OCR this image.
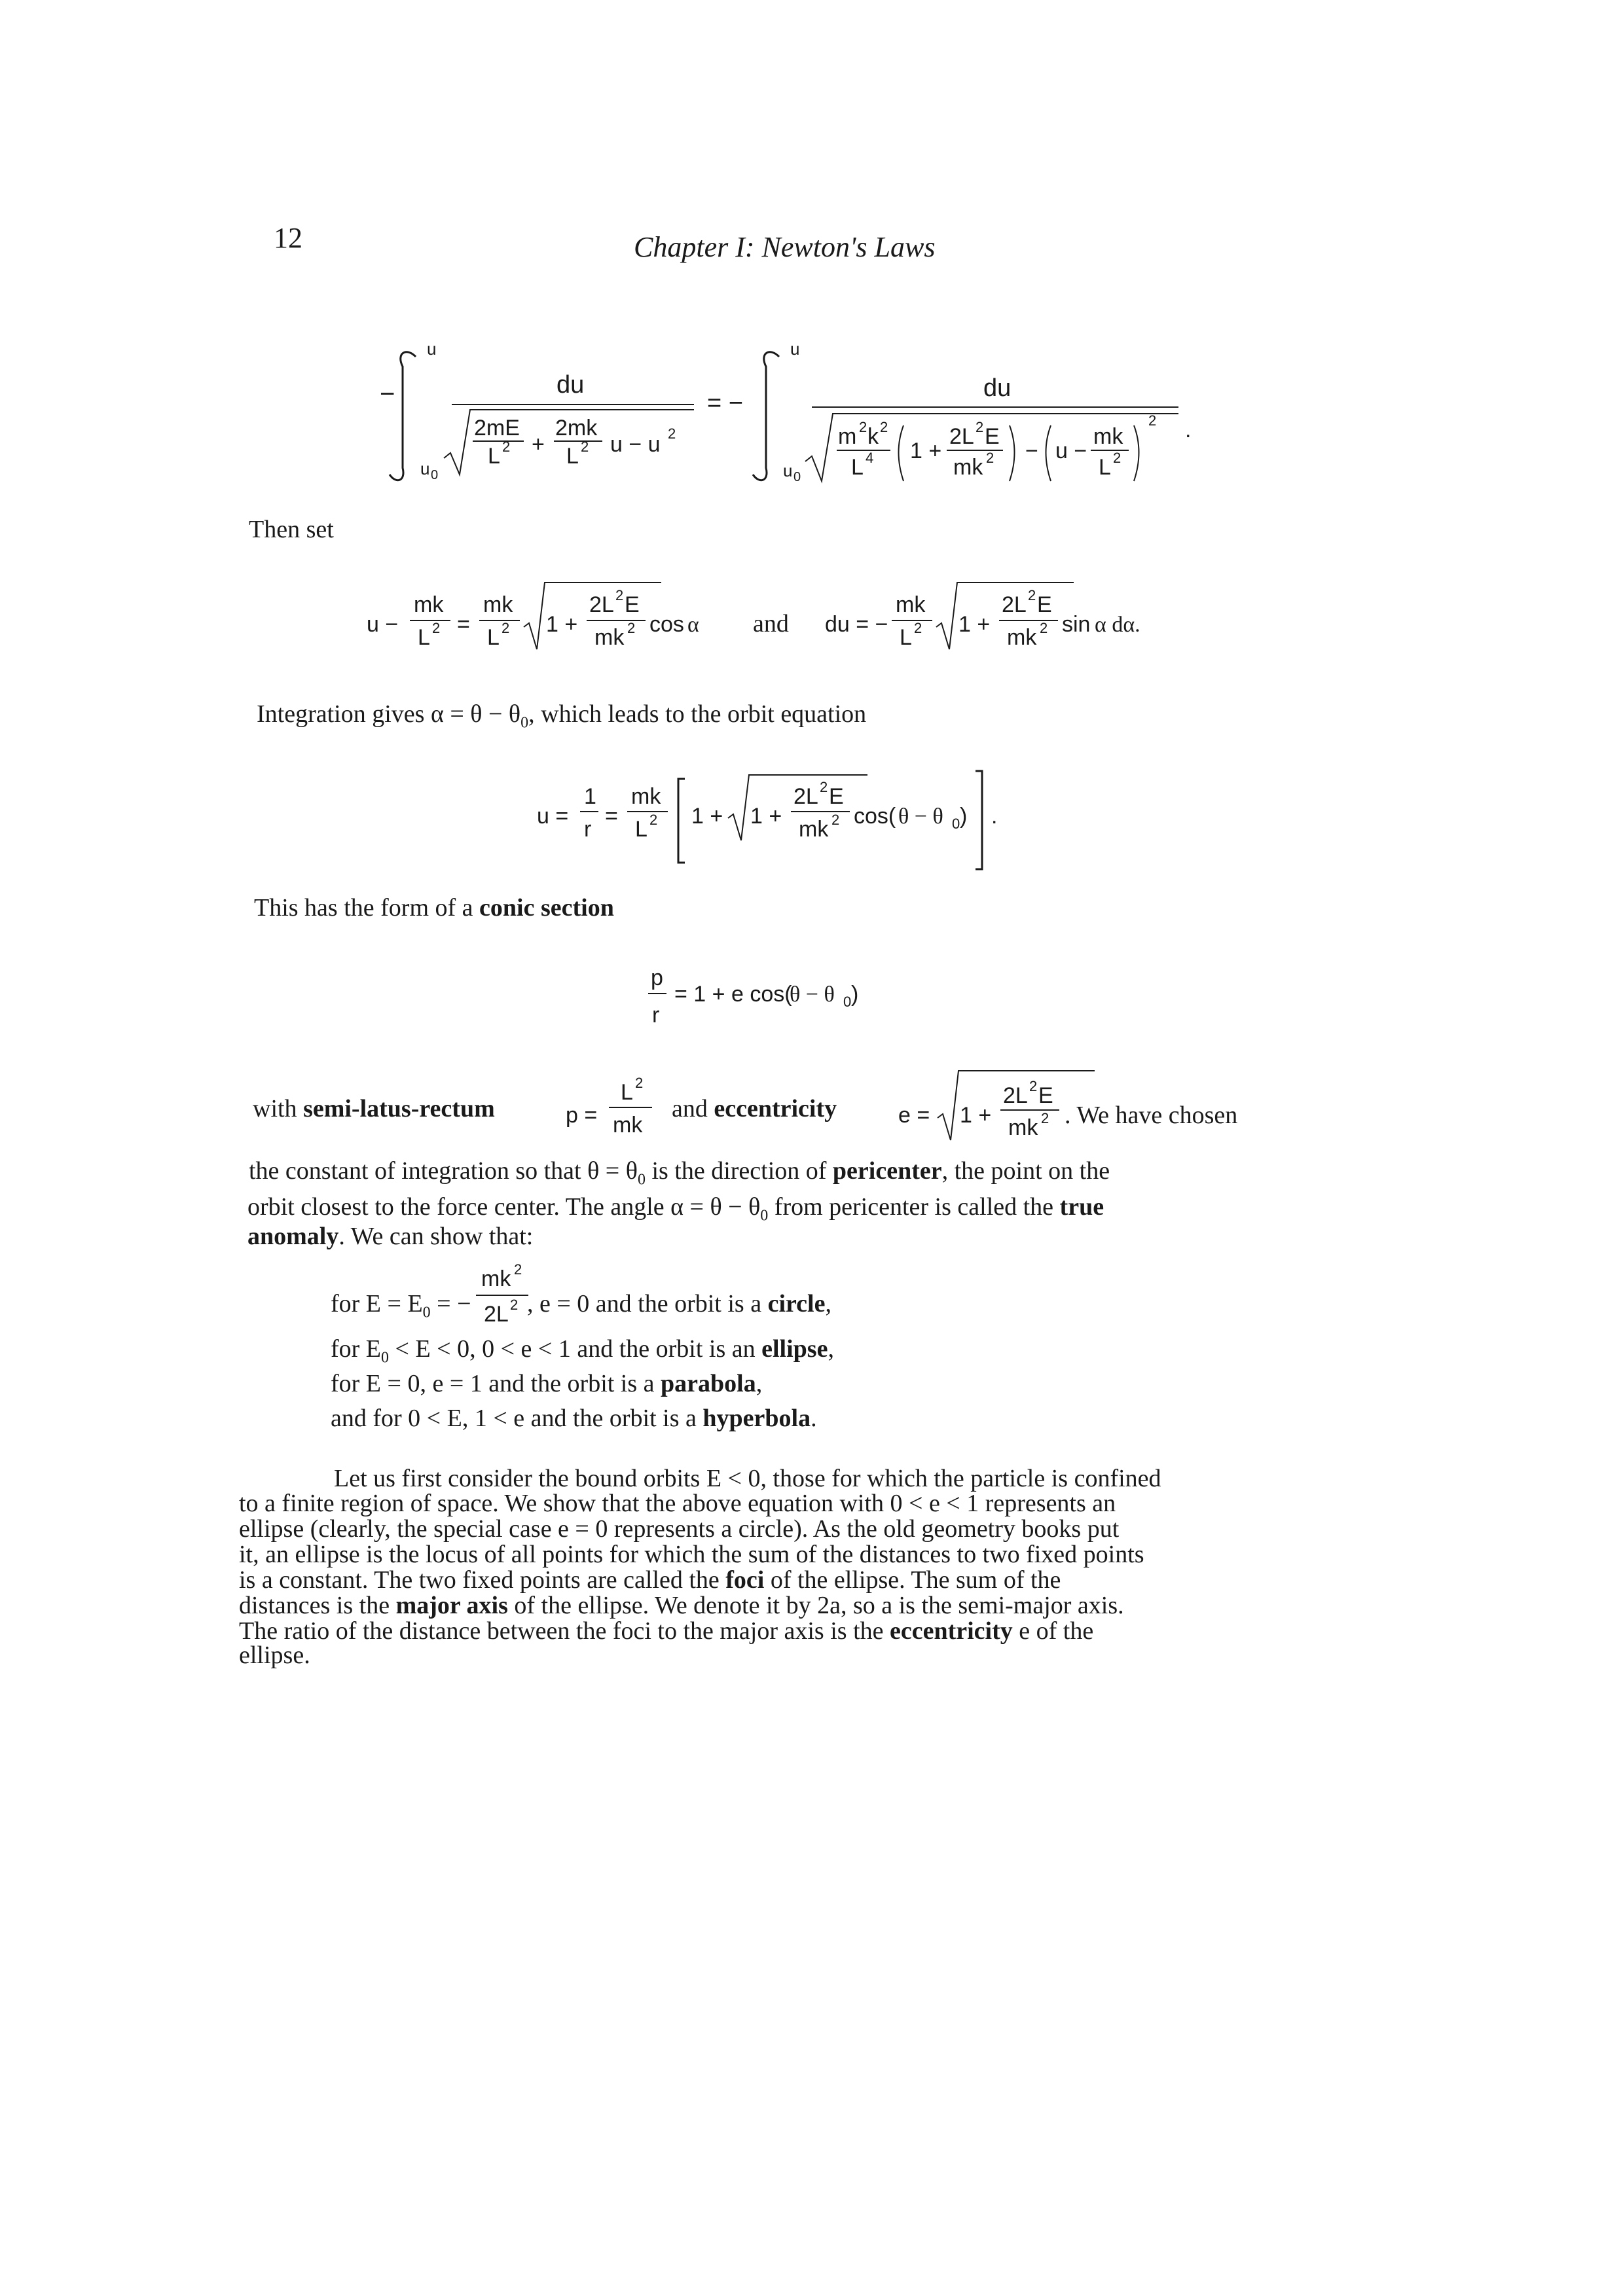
12	Chapter I: Newton's Laws
−
u
u 0
du
2mE
L 2 +
2mk
L 2 u − u 2
= −
u
u 0
du
m 2 k 2
L 4 1 +
2L 2 E
mk 2 − u −
mk
L 2
2 .
Then set
u −
mk
L 2 =
mk
L 2 1 +
2L 2 E
mk 2 cos α and du = −
mk
L 2 1 +
2L 2 E
mk 2 sin α dα.
Integration gives $\alpha = \theta - \theta_0$, which leads to the orbit equation
u =
1
r
=
mk
L 2 1 + 1 +
2L 2 E
mk 2 cos( θ − θ 0 ) .
This has the form of a conic section
p
r
= 1 + e cos(
θ − θ 0 )
with semi-latus-rectum	p =
L 2
mk
and eccentricity	e = 1 +
2L 2 E
mk 2 . We have chosen
the constant of integration so that $\theta = \theta_0$ is the direction of pericenter, the point on the
orbit closest to the force center. The angle $\alpha = \theta - \theta_0$ from pericenter is called the true
anomaly. We can show that:
for $E = E_0$ = −
mk 2
2L 2 , e = 0 and the orbit is a circle,
for $E_0 < E < 0$, 0 < e < 1 and the orbit is an ellipse,
for E = 0, e = 1 and the orbit is a parabola,
and for 0 < E, 1 < e and the orbit is a hyperbola.
Let us first consider the bound orbits E < 0, those for which the particle is confined
to a finite region of space. We show that the above equation with 0 < e < 1 represents an
ellipse (clearly, the special case e = 0 represents a circle). As the old geometry books put
it, an ellipse is the locus of all points for which the sum of the distances to two fixed points
is a constant. The two fixed points are called the foci of the ellipse. The sum of the
distances is the major axis of the ellipse. We denote it by 2a, so a is the semi-major axis.
The ratio of the distance between the foci to the major axis is the eccentricity e of the
ellipse.
